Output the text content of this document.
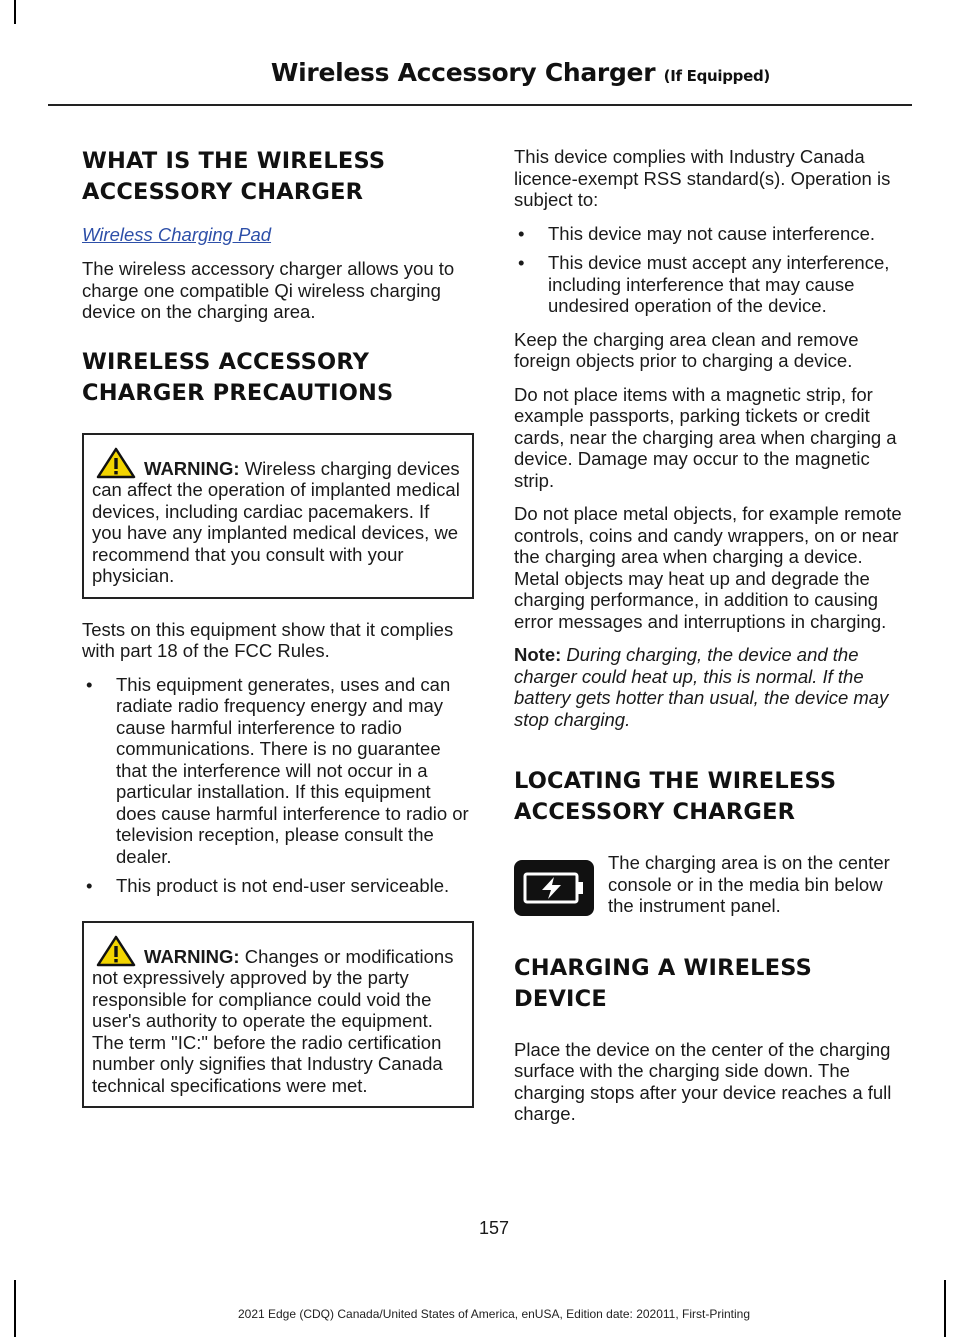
Wireless Accessory Charger (If Equipped)
WHAT IS THE WIRELESS ACCESSORY CHARGER
Wireless Charging Pad

The wireless accessory charger allows you to charge one compatible Qi wireless charging device on the charging area.

WIRELESS ACCESSORY CHARGER PRECAUTIONS

WARNING: Wireless charging devices can affect the operation of implanted medical devices, including cardiac pacemakers. If you have any implanted medical devices, we recommend that you consult with your physician.

Tests on this equipment show that it complies with part 18 of the FCC Rules.

• This equipment generates, uses and can radiate radio frequency energy and may cause harmful interference to radio communications. There is no guarantee that the interference will not occur in a particular installation. If this equipment does cause harmful interference to radio or television reception, please consult the dealer.
• This product is not end-user serviceable.

WARNING: Changes or modifications not expressively approved by the party responsible for compliance could void the user's authority to operate the equipment. The term "IC:" before the radio certification number only signifies that Industry Canada technical specifications were met.

This device complies with Industry Canada licence-exempt RSS standard(s). Operation is subject to:

• This device may not cause interference.
• This device must accept any interference, including interference that may cause undesired operation of the device.

Keep the charging area clean and remove foreign objects prior to charging a device.

Do not place items with a magnetic strip, for example passports, parking tickets or credit cards, near the charging area when charging a device. Damage may occur to the magnetic strip.

Do not place metal objects, for example remote controls, coins and candy wrappers, on or near the charging area when charging a device. Metal objects may heat up and degrade the charging performance, in addition to causing error messages and interruptions in charging.

Note: During charging, the device and the charger could heat up, this is normal. If the battery gets hotter than usual, the device may stop charging.

LOCATING THE WIRELESS ACCESSORY CHARGER

The charging area is on the center console or in the media bin below the instrument panel.

CHARGING A WIRELESS DEVICE

Place the device on the center of the charging surface with the charging side down. The charging stops after your device reaches a full charge.

157
2021 Edge (CDQ) Canada/United States of America, enUSA, Edition date: 202011, First-Printing
